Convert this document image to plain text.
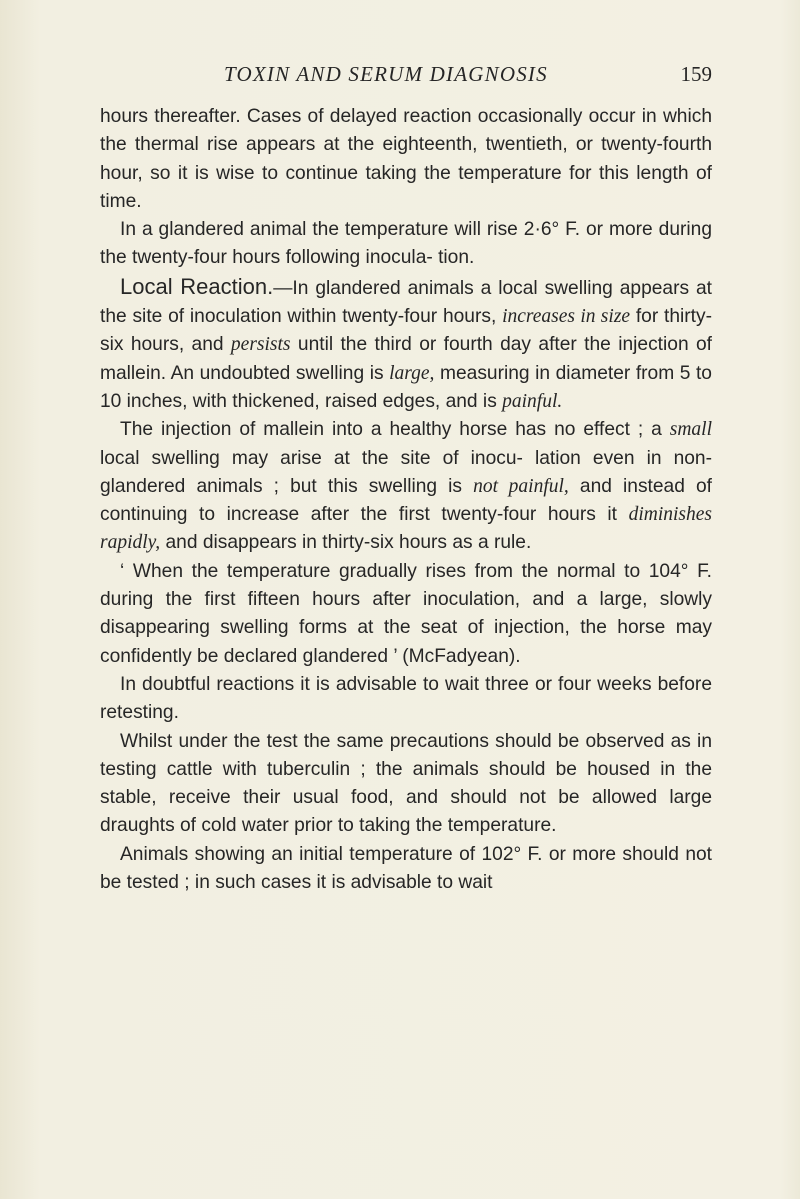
TOXIN AND SERUM DIAGNOSIS	159

hours thereafter. Cases of delayed reaction occasionally occur in which the thermal rise appears at the eighteenth, twentieth, or twenty-fourth hour, so it is wise to continue taking the temperature for this length of time.

In a glandered animal the temperature will rise 2·6° F. or more during the twenty-four hours following inocula- tion.

Local Reaction.—In glandered animals a local swelling appears at the site of inoculation within twenty-four hours, increases in size for thirty-six hours, and persists until the third or fourth day after the injection of mallein. An undoubted swelling is large, measuring in diameter from 5 to 10 inches, with thickened, raised edges, and is painful.

The injection of mallein into a healthy horse has no effect ; a small local swelling may arise at the site of inocu- lation even in non-glandered animals ; but this swelling is not painful, and instead of continuing to increase after the first twenty-four hours it diminishes rapidly, and disappears in thirty-six hours as a rule.

‘ When the temperature gradually rises from the normal to 104° F. during the first fifteen hours after inoculation, and a large, slowly disappearing swelling forms at the seat of injection, the horse may confidently be declared glandered ’ (McFadyean).

In doubtful reactions it is advisable to wait three or four weeks before retesting.

Whilst under the test the same precautions should be observed as in testing cattle with tuberculin ; the animals should be housed in the stable, receive their usual food, and should not be allowed large draughts of cold water prior to taking the temperature.

Animals showing an initial temperature of 102° F. or more should not be tested ; in such cases it is advisable to wait
